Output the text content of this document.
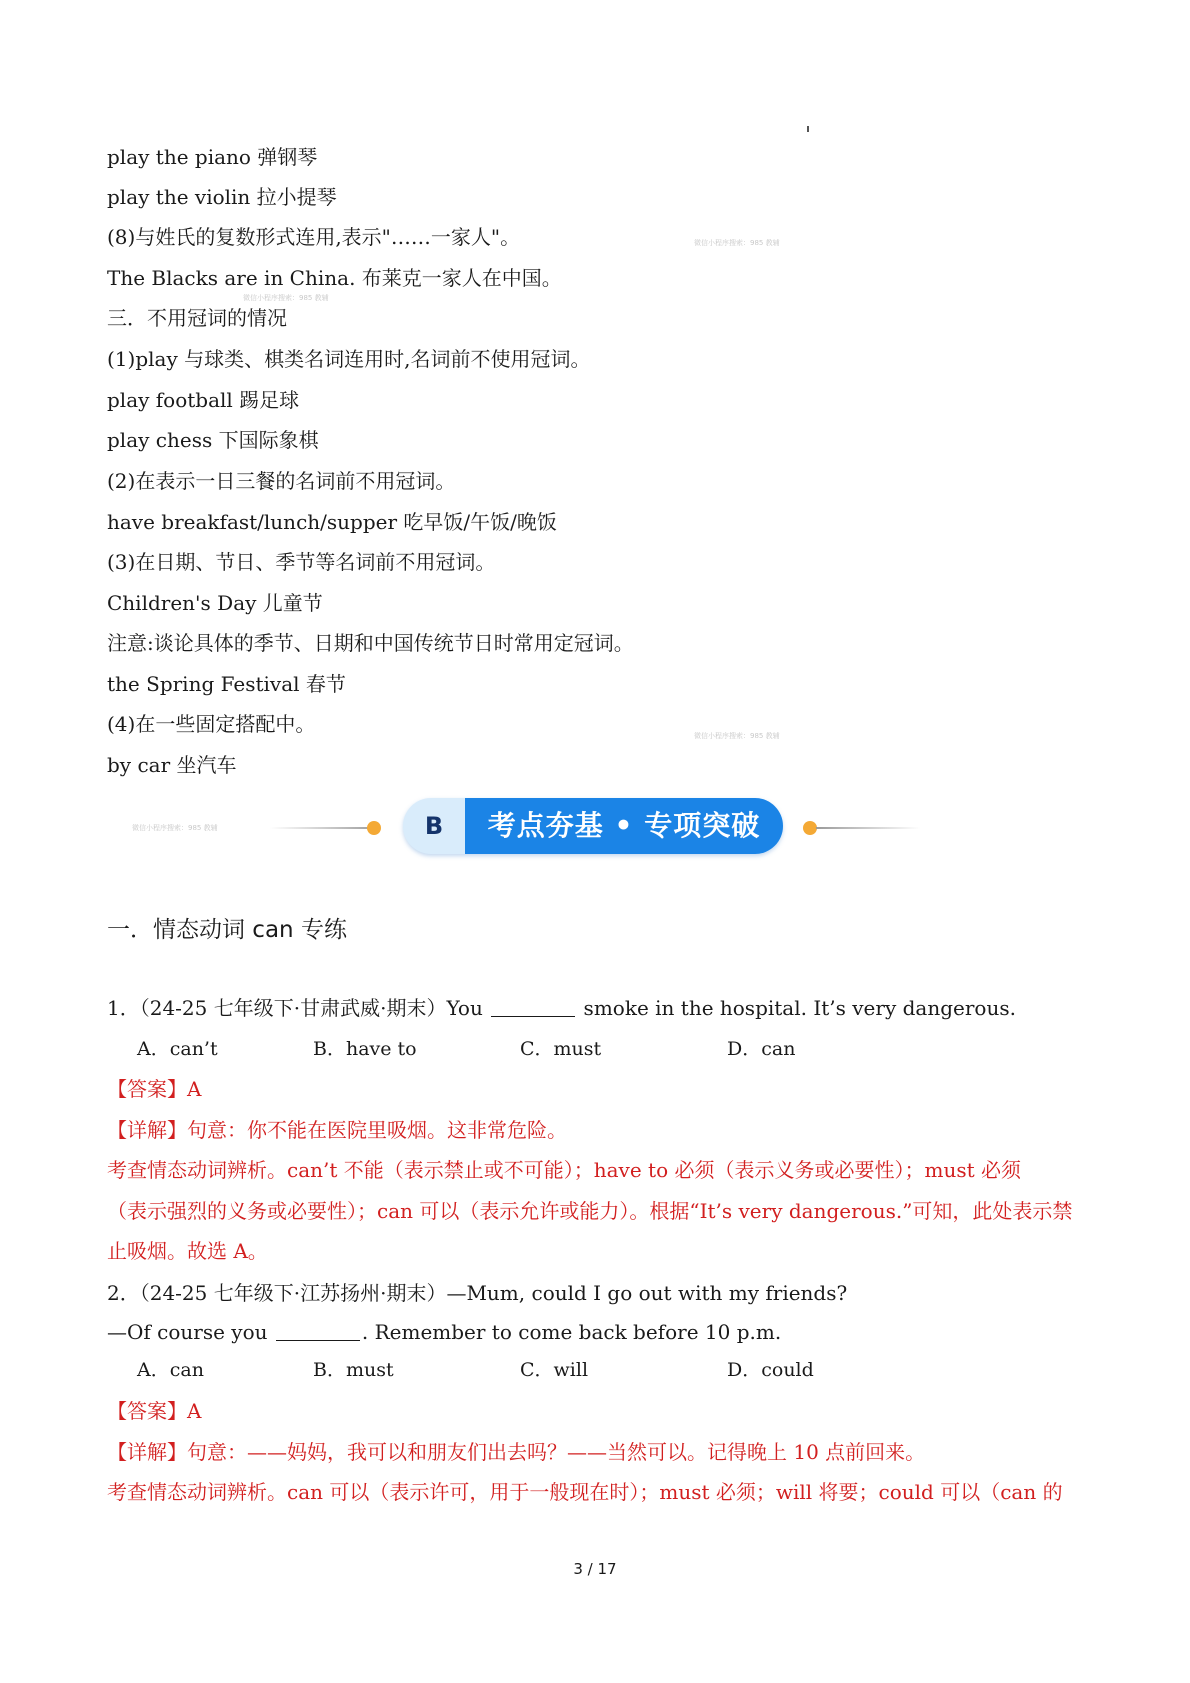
微信小程序搜索：985 教辅
微信小程序搜索：985 教辅
微信小程序搜索：985 教辅
微信小程序搜索：985 教辅
play the piano 弹钢琴
play the violin 拉小提琴
(8)与姓氏的复数形式连用,表示"……一家人"。
The Blacks are in China. 布莱克一家人在中国。
三．不用冠词的情况
(1)play 与球类、棋类名词连用时,名词前不使用冠词。
play football 踢足球
play chess 下国际象棋
(2)在表示一日三餐的名词前不用冠词。
have breakfast/lunch/supper 吃早饭/午饭/晚饭
(3)在日期、节日、季节等名词前不用冠词。
Children's Day 儿童节
注意:谈论具体的季节、日期和中国传统节日时常用定冠词。
the Spring Festival 春节
(4)在一些固定搭配中。
by car 坐汽车
B	考点夯基 • 专项突破
一．情态动词 can 专练
1．（24-25 七年级下·甘肃武威·期末）You	smoke in the hospital. It’s very dangerous.
A．can’t	B．have to	C．must	D．can
【答案】A
【详解】句意：你不能在医院里吸烟。这非常危险。
考查情态动词辨析。can’t 不能（表示禁止或不可能）；have to 必须（表示义务或必要性）；must 必须
（表示强烈的义务或必要性）；can 可以（表示允许或能力）。根据“It’s very dangerous.”可知，此处表示禁
止吸烟。故选 A。
2．（24-25 七年级下·江苏扬州·期末）—Mum, could I go out with my friends?
—Of course you	. Remember to come back before 10 p.m.
A．can	B．must	C．will	D．could
【答案】A
【详解】句意：——妈妈，我可以和朋友们出去吗？——当然可以。记得晚上 10 点前回来。
考查情态动词辨析。can 可以（表示许可，用于一般现在时）；must 必须；will 将要；could 可以（can 的
3 / 17
